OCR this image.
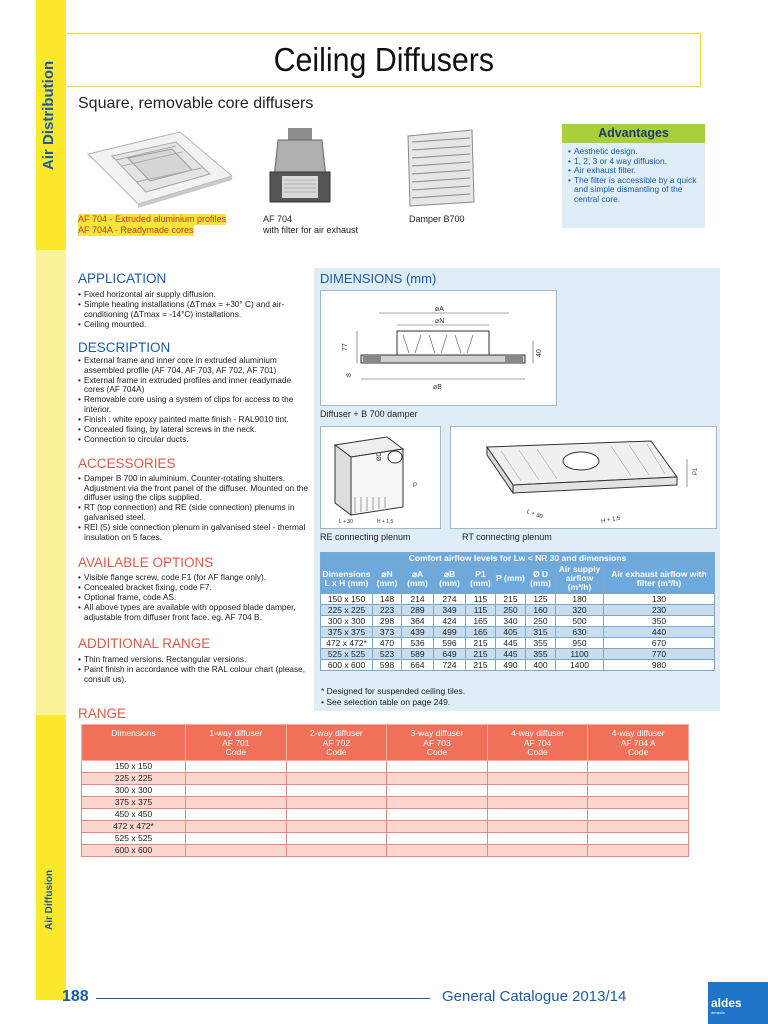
Air Distribution
Air Diffusion
Ceiling Diffusers
Square, removable core diffusers
AF 704 - Extruded aluminium profiles
AF 704A - Readymade cores
AF 704
with filter for air exhaust
Damper B700
Advantages
• Aesthetic design.
• 1, 2, 3 or 4 way diffusion.
• Air exhaust filter.
• The filter is accessible by a quick and simple dismantling of the central core.
APPLICATION
• Fixed horizontal air supply diffusion.
• Simple heating installations (ΔTmax = +30° C) and air-conditioning (ΔTmax = -14°C) installations.
• Ceiling mounted.
DESCRIPTION
• External frame and inner core in extruded aluminium assembled profile (AF 704, AF 703, AF 702, AF 701)
• External frame in extruded profiles and inner readymade cores (AF 704A)
• Removable core using a system of clips for access to the interior.
• Finish : white epoxy painted matte finish - RAL9010 tint.
• Concealed fixing, by lateral screws in the neck.
• Connection to circular ducts.
ACCESSORIES
• Damper B 700 in aluminium. Counter-rotating shutters. Adjustment via the front panel of the diffuser. Mounted on the diffuser using the clips supplied.
• RT (top connection) and RE (side connection) plenums in galvanised steel.
• REI (5) side connection plenum in galvanised steel - thermal insulation on 5 faces.
AVAILABLE OPTIONS
• Visible flange screw, code F1 (for AF flange only).
• Concealed bracket fixing, code F7.
• Optional frame, code AS.
• All above types are available with opposed blade damper, adjustable from diffuser front face. eg. AF 704 B.
ADDITIONAL RANGE
• Thin framed versions. Rectangular versions.
• Paint finish in accordance with the RAL colour chart (please, consult us).
DIMENSIONS (mm)
⌀A
⌀N
⌀B
77
8
40
Diffuser + B 700 damper
P
ØD
L + 30	H + 1,5
RE connecting plenum
P1
L + 30	H + 1.5
RT connecting plenum
Comfort airflow levels for Lw < NR 30 and dimensions								
Dimensions L x H (mm)	⌀N (mm)	⌀A (mm)	⌀B (mm)	P1 (mm)	P (mm)	Ø D (mm)	Air supply airflow (m³/h)	Air exhaust airflow with filter (m³/h)
150 x 150	148	214	274	115	215	125	180	130
225 x 225	223	289	349	115	250	160	320	230
300 x 300	298	364	424	165	340	250	500	350
375 x 375	373	439	499	165	405	315	630	440
472 x 472*	470	536	596	215	445	355	950	670
525 x 525	523	589	649	215	445	355	1100	770
600 x 600	598	664	724	215	490	400	1400	980
* Designed for suspended ceiling tiles.
• See selection table on page 249.
RANGE
Dimensions	1-way diffuser
AF 701
Code	2-way diffuser
AF 702
Code	3-way diffuser
AF 703
Code	4-way diffuser
AF 704
Code	4-way diffuser
AF 704 A
Code

150 x 150					
225 x 225					
300 x 300					
375 x 375					
450 x 450					
472 x 472*					
525 x 525					
600 x 600					
188	General Catalogue 2013/14	aldes
aeraulic
